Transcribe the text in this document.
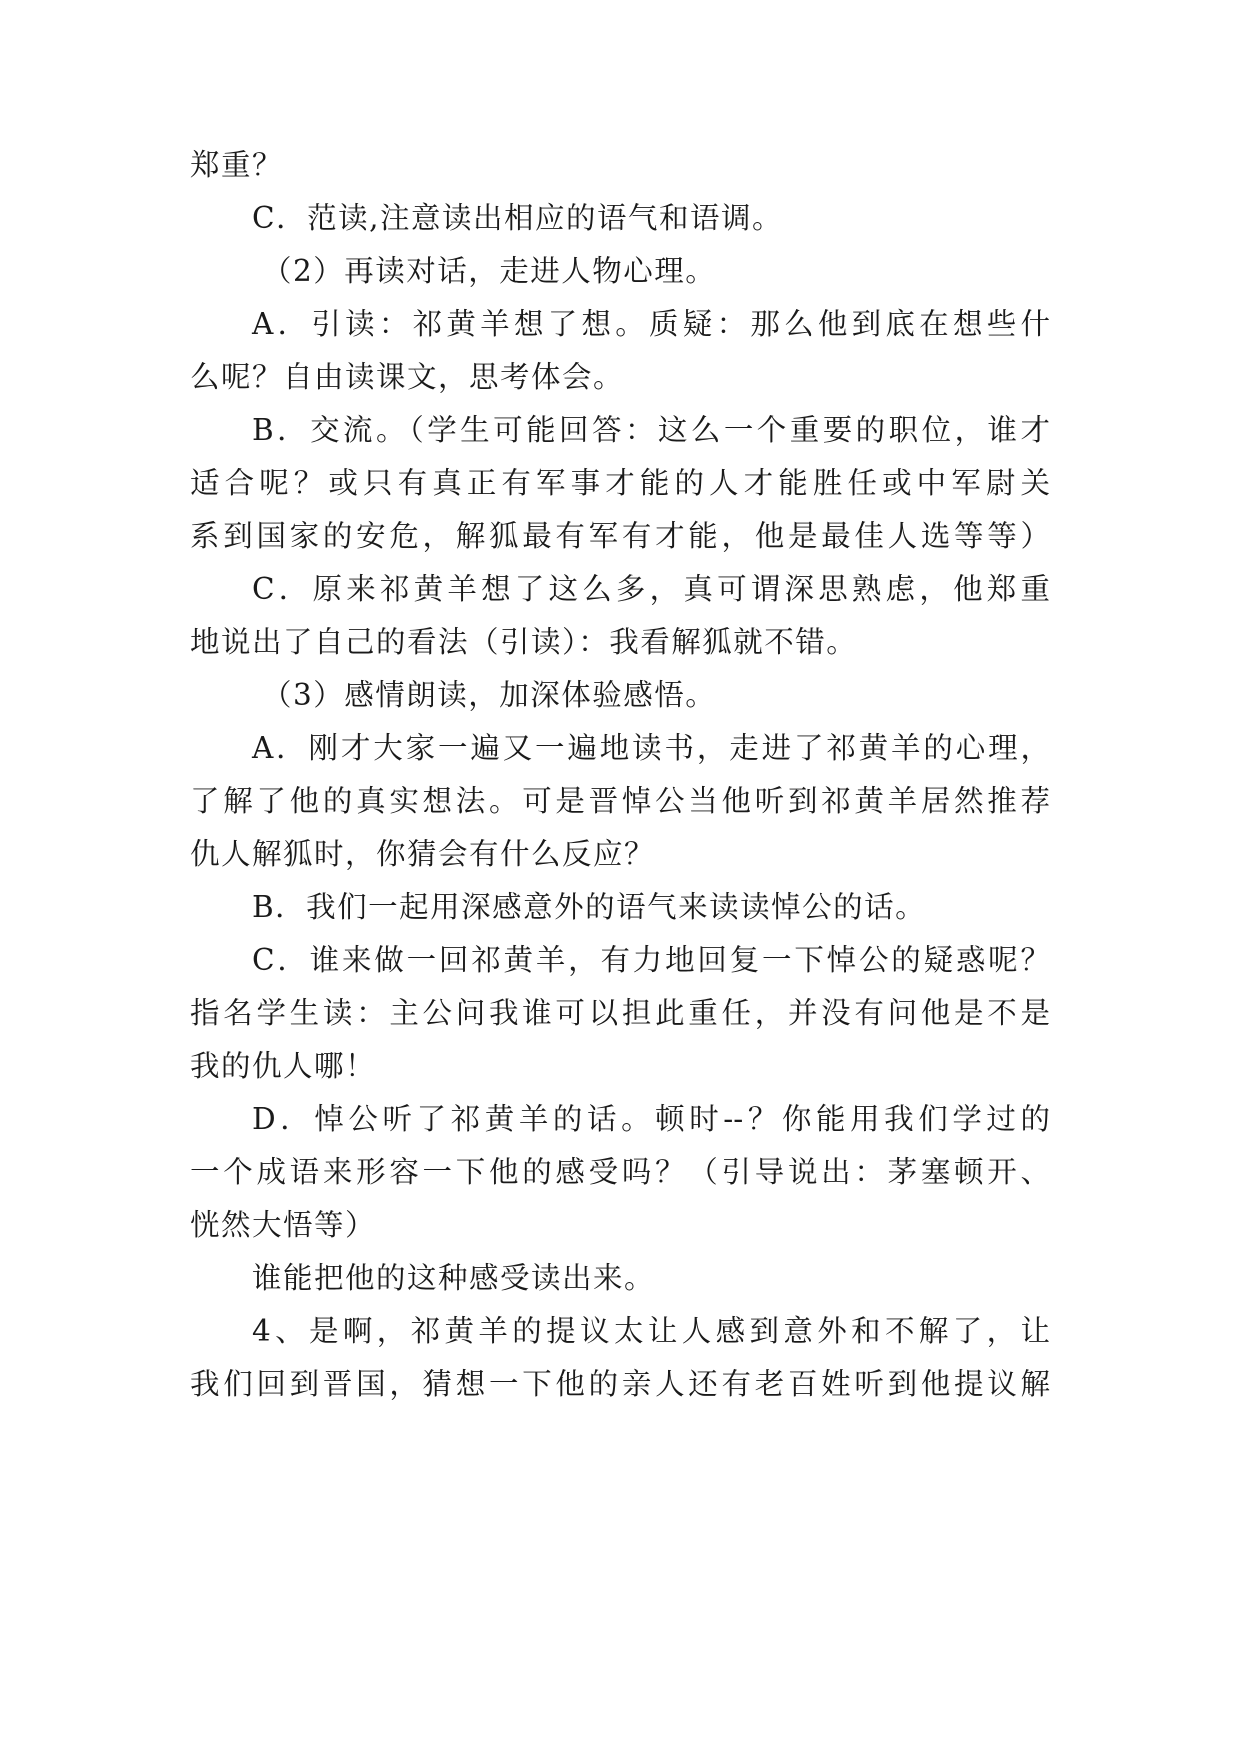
郑重？
C．范读,注意读出相应的语气和语调。
（2）再读对话，走进人物心理。
A．引读：祁黄羊想了想。质疑：那么他到底在想些什
么呢？自由读课文，思考体会。
B．交流。（学生可能回答：这么一个重要的职位，谁才
适合呢？或只有真正有军事才能的人才能胜任或中军尉关
系到国家的安危，解狐最有军有才能，他是最佳人选等等）
C．原来祁黄羊想了这么多，真可谓深思熟虑，他郑重
地说出了自己的看法（引读）：我看解狐就不错。
（3）感情朗读，加深体验感悟。
A．刚才大家一遍又一遍地读书，走进了祁黄羊的心理，
了解了他的真实想法。可是晋悼公当他听到祁黄羊居然推荐
仇人解狐时，你猜会有什么反应？
B．我们一起用深感意外的语气来读读悼公的话。
C．谁来做一回祁黄羊，有力地回复一下悼公的疑惑呢？
指名学生读：主公问我谁可以担此重任，并没有问他是不是
我的仇人哪！
D．悼公听了祁黄羊的话。顿时--？你能用我们学过的
一个成语来形容一下他的感受吗？（引导说出：茅塞顿开、
恍然大悟等）
谁能把他的这种感受读出来。
4、是啊，祁黄羊的提议太让人感到意外和不解了，让
我们回到晋国，猜想一下他的亲人还有老百姓听到他提议解
